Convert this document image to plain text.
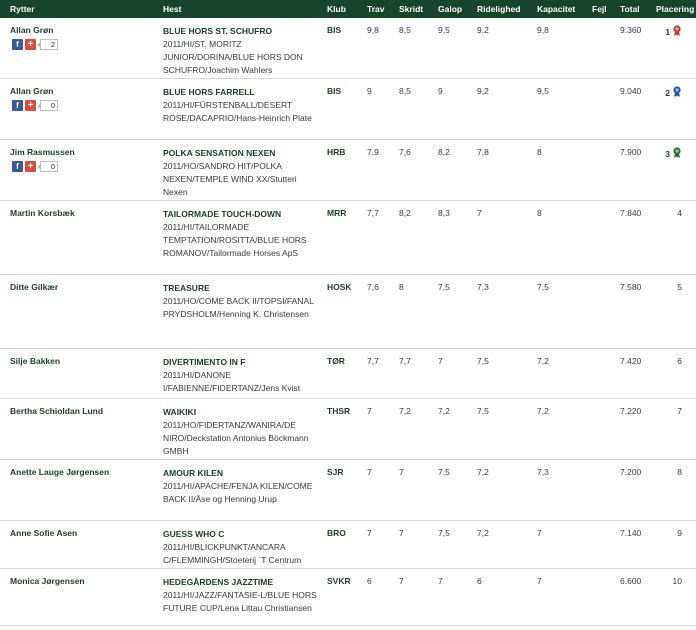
Rytter	Hest	Klub Trav Skridt Galop Ridelighed Kapacitet Fejl Total Placering
Allan Grøn
f +	2
BLUE HORS ST. SCHUFRO
2011/HI/ST. MORITZ JUNIOR/DORINA/BLUE HORS DON SCHUFRO/Joachim Wahlers
BIS	9,8 8,5	9,5	9,2	9,8	9.360	1
Allan Grøn
f +	0
BLUE HORS FARRELL
2011/HI/FÜRSTENBALL/DESERT ROSE/DACAPRIO/Hans-Heinrich Plate
BIS	9	8,5	9	9,2	9,5	9.040	2
Jim Rasmussen
f +	0
POLKA SENSATION NEXEN
2011/HO/SANDRO HIT/POLKA NEXEN/TEMPLE WIND XX/Stutteri Nexen
HRB	7,9 7,6	8,2	7,8	8	7.900	3
Martin Korsbæk	TAILORMADE TOUCH-DOWN
2011/HI/TAILORMADE TEMPTATION/ROSITTA/BLUE HORS ROMANOV/Tailormade Horses ApS
MRR 7,7 8,2	8,3	7	8	7.840	4
Ditte Gilkær	TREASURE
2011/HO/COME BACK II/TOPSI/FANAL PRYDSHOLM/Henning K. Christensen
HOSK 7,6 8	7,5	7,3	7,5	7.580	5
Silje Bakken	DIVERTIMENTO IN F
2011/HI/DANONE I/FABIENNE/FIDERTANZ/Jens Kvist
TØR	7,7 7,7	7	7,5	7,2	7.420	6
Bertha Schioldan Lund	WAIKIKI
2011/HO/FIDERTANZ/WANIRA/DE NIRO/Deckstation Antonius Böckmann GMBH
THSR 7	7,2	7,2	7,5	7,2	7.220	7
Anette Lauge Jørgensen	AMOUR KILEN
2011/HI/APACHE/FENJA KILEN/COME BACK II/Åse og Henning Urup
SJR	7	7	7,5	7,2	7,3	7.200	8
Anne Sofie Asen	GUESS WHO C
2011/HI/BLICKPUNKT/ANCARA C/FLEMMINGH/Stoeterij `T Centrum
BRO 7	7	7,5	7,2	7	7.140	9
Monica Jørgensen	HEDEGÅRDENS JAZZTIME
2011/HI/JAZZ/FANTASIE-L/BLUE HORS FUTURE CUP/Lena Littau Christiansen
SVKR 6	7	7	6	7	6.600	10
